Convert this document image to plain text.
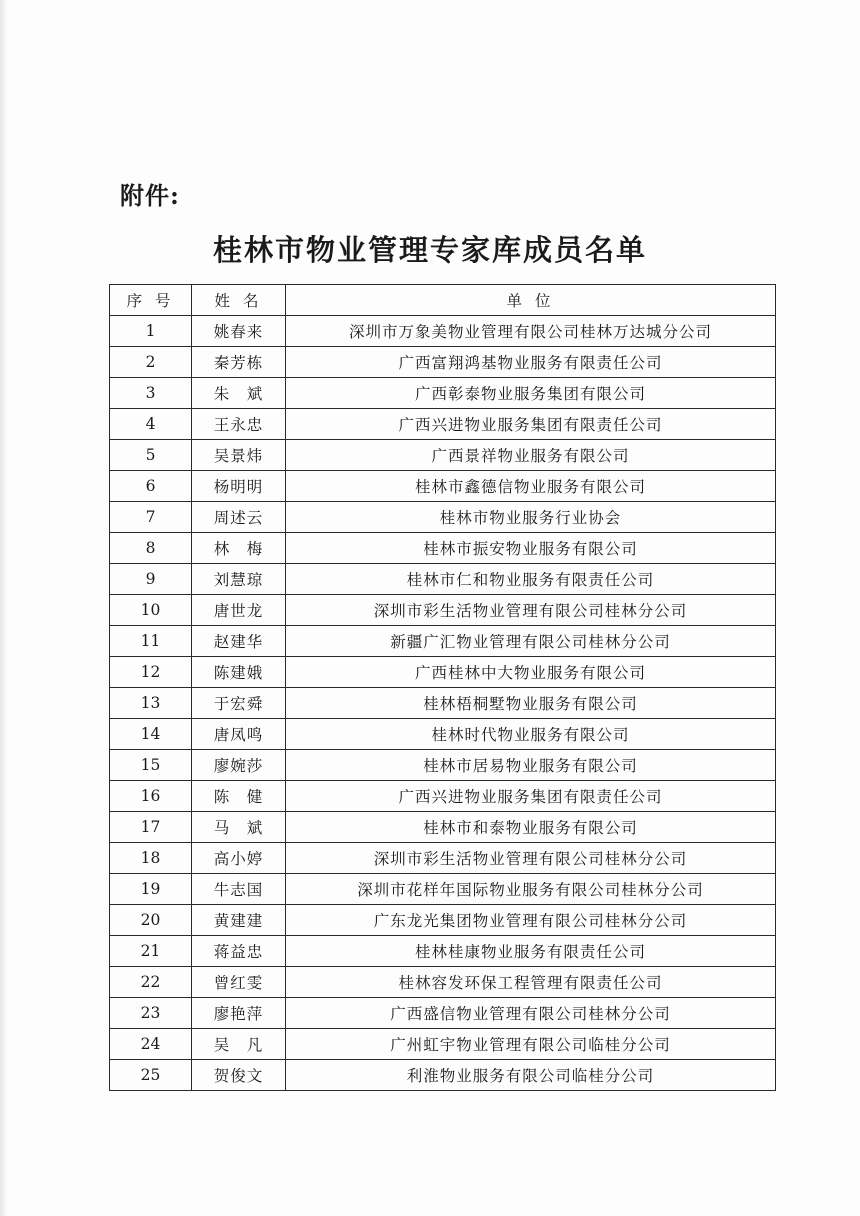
附件:
桂林市物业管理专家库成员名单
序 号	姓 名	单 位
1	姚春来	深圳市万象美物业管理有限公司桂林万达城分公司
2	秦芳栋	广西富翔鸿基物业服务有限责任公司
3	朱　斌	广西彰泰物业服务集团有限公司
4	王永忠	广西兴进物业服务集团有限责任公司
5	吴景炜	广西景祥物业服务有限公司
6	杨明明	桂林市鑫德信物业服务有限公司
7	周述云	桂林市物业服务行业协会
8	林　梅	桂林市振安物业服务有限公司
9	刘慧琼	桂林市仁和物业服务有限责任公司
10	唐世龙	深圳市彩生活物业管理有限公司桂林分公司
11	赵建华	新疆广汇物业管理有限公司桂林分公司
12	陈建娥	广西桂林中大物业服务有限公司
13	于宏舜	桂林梧桐墅物业服务有限公司
14	唐凤鸣	桂林时代物业服务有限公司
15	廖婉莎	桂林市居易物业服务有限公司
16	陈　健	广西兴进物业服务集团有限责任公司
17	马　斌	桂林市和泰物业服务有限公司
18	高小婷	深圳市彩生活物业管理有限公司桂林分公司
19	牛志国	深圳市花样年国际物业服务有限公司桂林分公司
20	黄建建	广东龙光集团物业管理有限公司桂林分公司
21	蒋益忠	桂林桂康物业服务有限责任公司
22	曾红雯	桂林容发环保工程管理有限责任公司
23	廖艳萍	广西盛信物业管理有限公司桂林分公司
24	吴　凡	广州虹宇物业管理有限公司临桂分公司
25	贺俊文	利淮物业服务有限公司临桂分公司
